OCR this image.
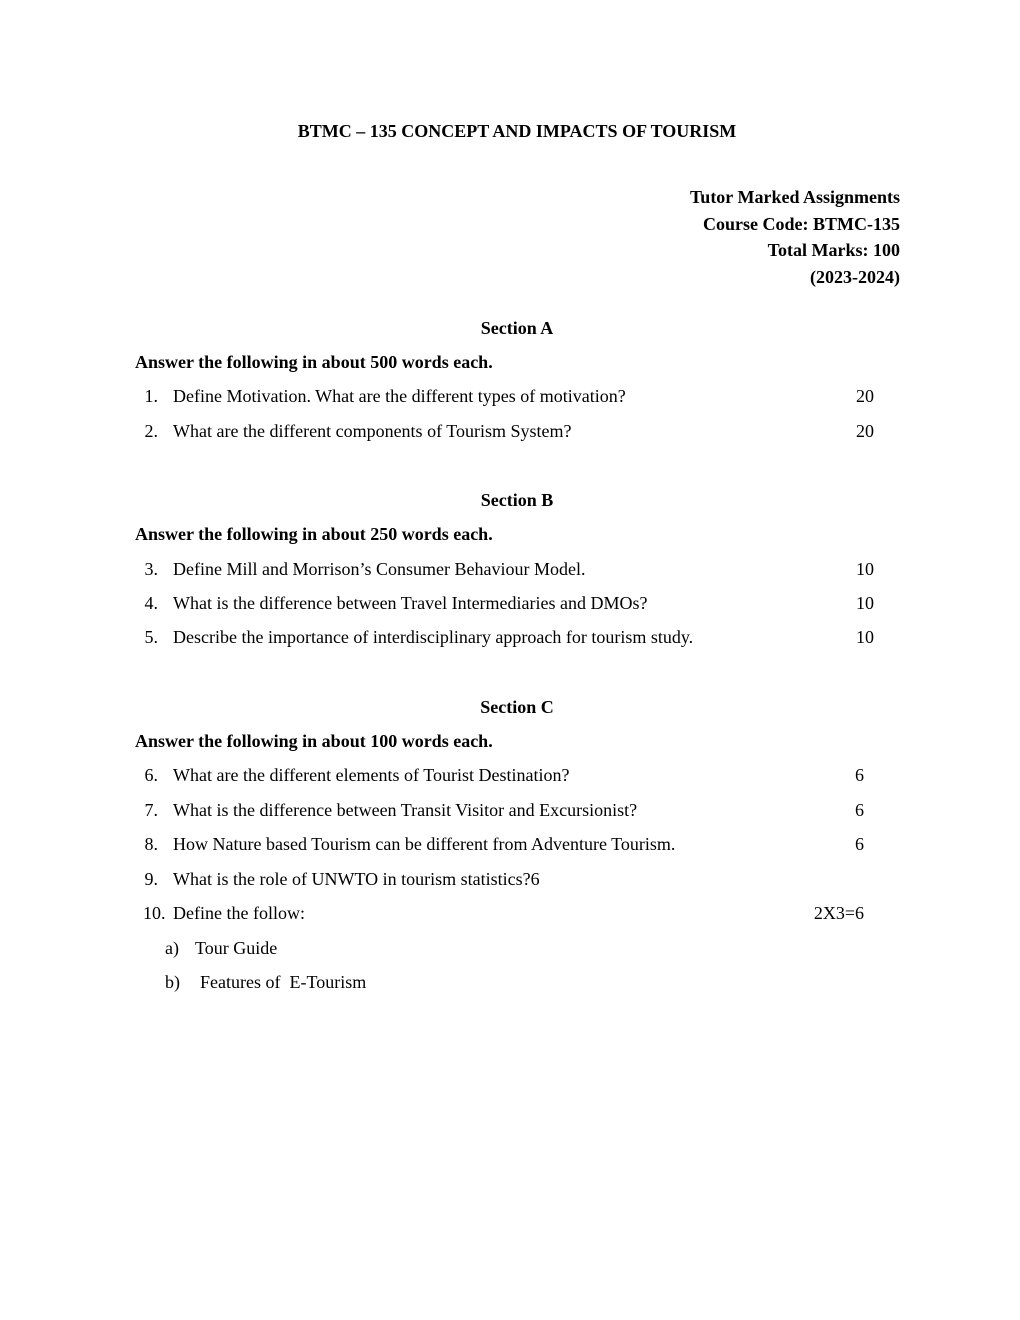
BTMC – 135 CONCEPT AND IMPACTS OF TOURISM
Tutor Marked Assignments
Course Code: BTMC-135
Total Marks: 100
(2023-2024)
Section A
Answer the following in about 500 words each.
1. Define Motivation. What are the different types of motivation?	20
2. What are the different components of Tourism System?	20
Section B
Answer the following in about 250 words each.
3. Define Mill and Morrison’s Consumer Behaviour Model.	10
4. What is the difference between Travel Intermediaries and DMOs?	10
5. Describe the importance of interdisciplinary approach for tourism study.	10
Section C
Answer the following in about 100 words each.
6. What are the different elements of Tourist Destination?	6
7. What is the difference between Transit Visitor and Excursionist?	6
8. How Nature based Tourism can be different from Adventure Tourism.	6
9. What is the role of UNWTO in tourism statistics?6
10. Define the follow:	2X3=6
a) Tour Guide
b) Features of  E-Tourism
